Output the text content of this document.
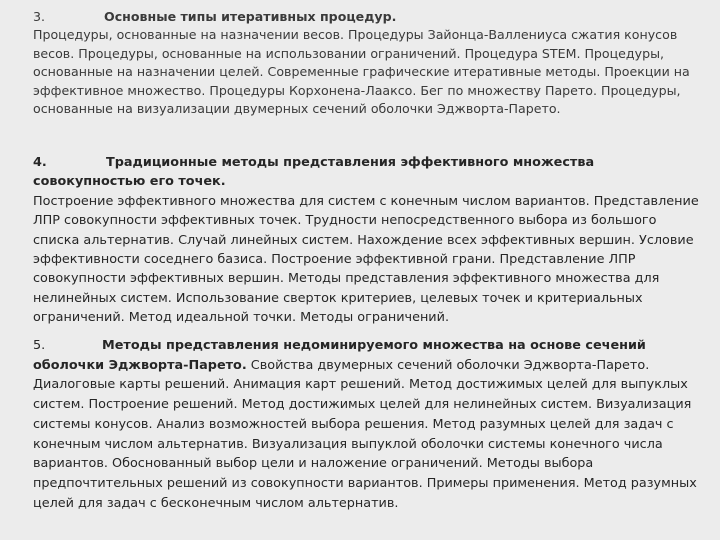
3.	Основные типы итеративных процедур.
Процедуры, основанные на назначении весов. Процедуры Зайонца-Валлениуса сжатия конусов весов. Процедуры, основанные на использовании ограничений. Процедура STEM. Процедуры, основанные на назначении целей. Современные графические итеративные методы. Проекции на эффективное множество. Процедуры Корхонена-Лааксо. Бег по множеству Парето. Процедуры, основанные на визуализации двумерных сечений оболочки Эджворта-Парето.
4.	Традиционные методы представления эффективного множества совокупностью его точек.
Построение эффективного множества для систем с конечным числом вариантов. Представление ЛПР совокупности эффективных точек. Трудности непосредственного выбора из большого списка альтернатив. Случай линейных систем. Нахождение всех эффективных вершин. Условие эффективности соседнего базиса. Построение эффективной грани. Представление ЛПР совокупности эффективных вершин. Методы представления эффективного множества для нелинейных систем. Использование сверток критериев, целевых точек и критериальных ограничений. Метод идеальной точки. Методы ограничений.
5.	Методы представления недоминируемого множества на основе сечений оболочки Эджворта-Парето. Свойства двумерных сечений оболочки Эджворта-Парето. Диалоговые карты решений. Анимация карт решений. Метод достижимых целей для выпуклых систем. Построение решений. Метод достижимых целей для нелинейных систем. Визуализация системы конусов. Анализ возможностей выбора решения. Метод разумных целей для задач с конечным числом альтернатив. Визуализация выпуклой оболочки системы конечного числа вариантов. Обоснованный выбор цели и наложение ограничений. Методы выбора предпочтительных решений из совокупности вариантов. Примеры применения. Метод разумных целей для задач с бесконечным числом альтернатив.
